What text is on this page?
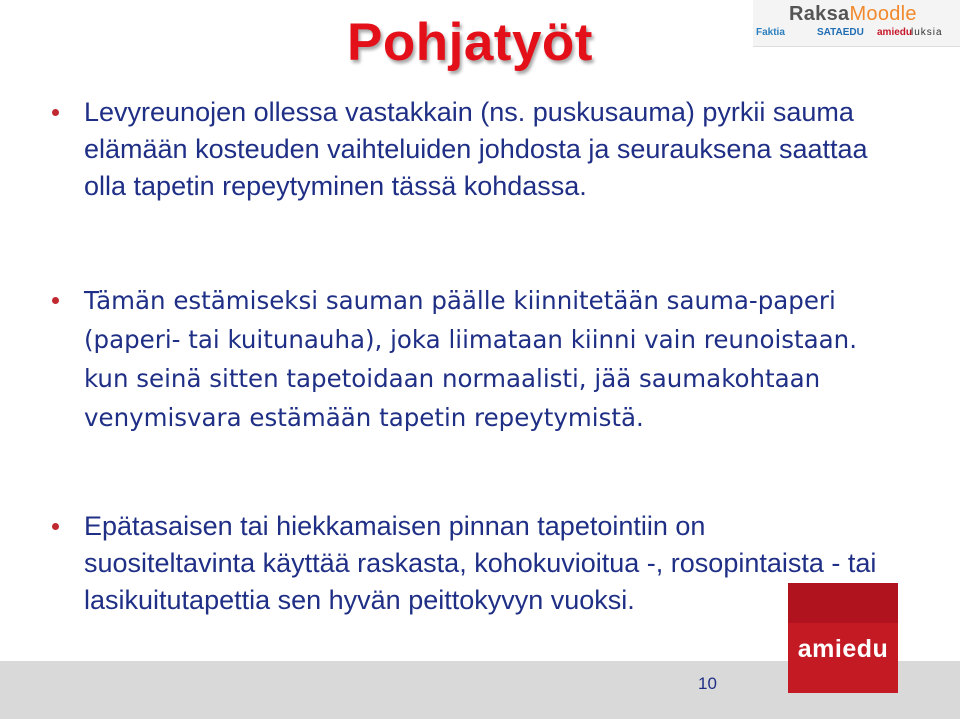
Pohjatyöt	RaksaMoodle
Faktia	SATAEDU amiedu
luksia
Levyreunojen ollessa vastakkain (ns. puskusauma) pyrkii sauma elämään kosteuden vaihteluiden johdosta ja seurauksena saattaa olla tapetin repeytyminen tässä kohdassa.
Tämän estämiseksi sauman päälle kiinnitetään sauma-paperi (paperi- tai kuitunauha), joka liimataan kiinni vain reunoistaan. kun seinä sitten tapetoidaan normaalisti, jää saumakohtaan venymisvara estämään tapetin repeytymistä.
Epätasaisen tai hiekkamaisen pinnan tapetointiin on suositeltavinta käyttää raskasta, kohokuvioitua -, rosopintaista - tai lasikuitutapettia sen hyvän peittokyvyn vuoksi.
10
amiedu
